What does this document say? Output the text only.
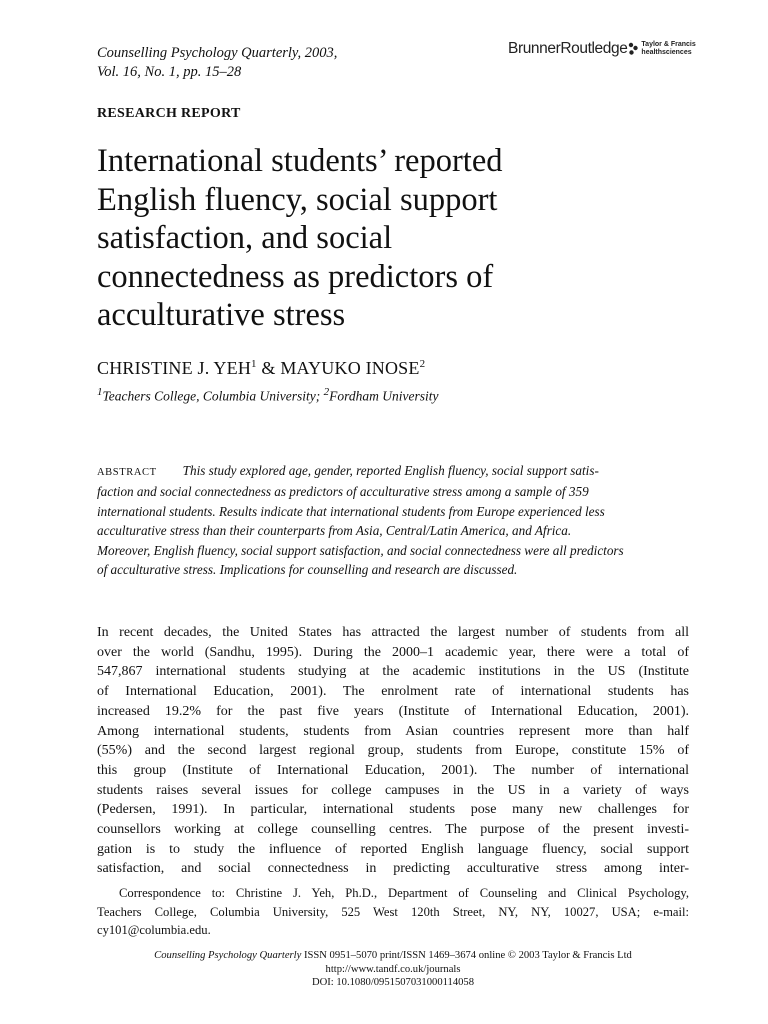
Counselling Psychology Quarterly, 2003,
Vol. 16, No. 1, pp. 15–28
BrunnerRoutledge Taylor & Francis
healthsciences
RESEARCH REPORT
International students’ reported
English fluency, social support
satisfaction, and social
connectedness as predictors of
acculturative stress
CHRISTINE J. YEH$^1$ & MAYUKO INOSE$^2$
$^1$Teachers College, Columbia University; $^2$Fordham University
ABSTRACT This study explored age, gender, reported English fluency, social support satis-
faction and social connectedness as predictors of acculturative stress among a sample of 359
international students. Results indicate that international students from Europe experienced less
acculturative stress than their counterparts from Asia, Central/Latin America, and Africa.
Moreover, English fluency, social support satisfaction, and social connectedness were all predictors
of acculturative stress. Implications for counselling and research are discussed.
In recent decades, the United States has attracted the largest number of students from all
over the world (Sandhu, 1995). During the 2000–1 academic year, there were a total of
547,867 international students studying at the academic institutions in the US (Institute
of International Education, 2001). The enrolment rate of international students has
increased 19.2% for the past five years (Institute of International Education, 2001).
Among international students, students from Asian countries represent more than half
(55%) and the second largest regional group, students from Europe, constitute 15% of
this group (Institute of International Education, 2001). The number of international
students raises several issues for college campuses in the US in a variety of ways
(Pedersen, 1991). In particular, international students pose many new challenges for
counsellors working at college counselling centres. The purpose of the present investi-
gation is to study the influence of reported English language fluency, social support
satisfaction, and social connectedness in predicting acculturative stress among inter-
Correspondence to: Christine J. Yeh, Ph.D., Department of Counseling and Clinical Psychology,
Teachers College, Columbia University, 525 West 120th Street, NY, NY, 10027, USA; e-mail:
cy101@columbia.edu.
Counselling Psychology Quarterly ISSN 0951–5070 print/ISSN 1469–3674 online © 2003 Taylor & Francis Ltd
http://www.tandf.co.uk/journals
DOI: 10.1080/0951507031000114058
